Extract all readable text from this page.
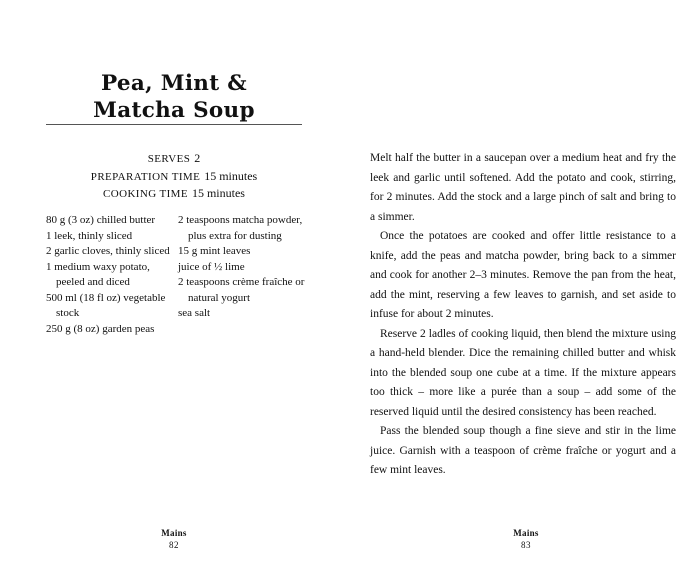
Pea, Mint &
Matcha Soup
SERVES 2
PREPARATION TIME 15 minutes
COOKING TIME 15 minutes
80 g (3 oz) chilled butter
1 leek, thinly sliced
2 garlic cloves, thinly sliced
1 medium waxy potato, peeled and diced
500 ml (18 fl oz) vegetable stock
250 g (8 oz) garden peas
2 teaspoons matcha powder, plus extra for dusting
15 g mint leaves
juice of ½ lime
2 teaspoons crème fraîche or natural yogurt
sea salt
Mains
82

Melt half the butter in a saucepan over a medium heat and fry the leek and garlic until softened. Add the potato and cook, stirring, for 2 minutes. Add the stock and a large pinch of salt and bring to a simmer.

Once the potatoes are cooked and offer little resistance to a knife, add the peas and matcha powder, bring back to a simmer and cook for another 2–3 minutes. Remove the pan from the heat, add the mint, reserving a few leaves to garnish, and set aside to infuse for about 2 minutes.

Reserve 2 ladles of cooking liquid, then blend the mixture using a hand-held blender. Dice the remaining chilled butter and whisk into the blended soup one cube at a time. If the mixture appears too thick – more like a purée than a soup – add some of the reserved liquid until the desired consistency has been reached.

Pass the blended soup though a fine sieve and stir in the lime juice. Garnish with a teaspoon of crème fraîche or yogurt and a few mint leaves.

Mains
83
